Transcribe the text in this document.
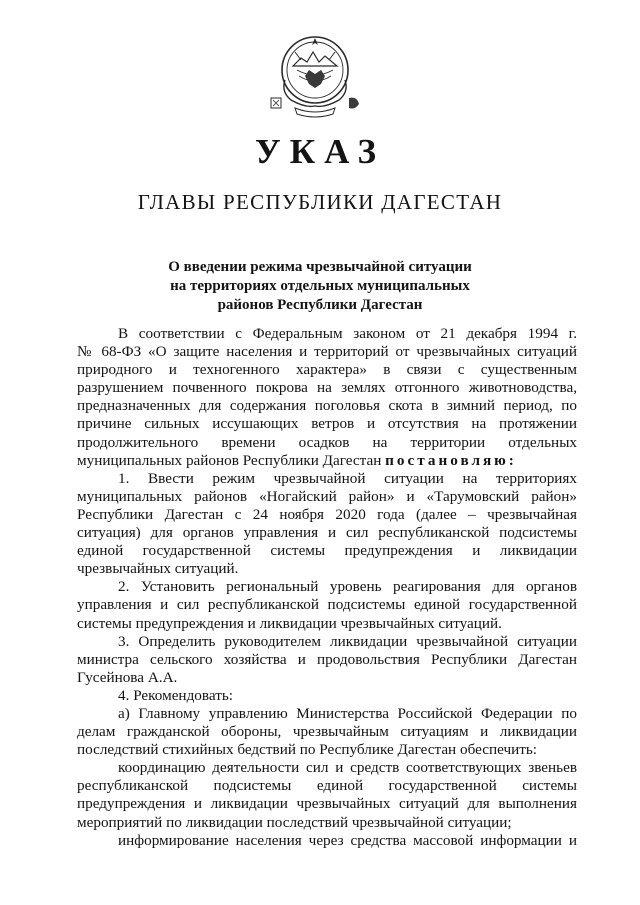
УКАЗ
ГЛАВЫ РЕСПУБЛИКИ ДАГЕСТАН
О введении режима чрезвычайной ситуации
на территориях отдельных муниципальных
районов Республики Дагестан
В соответствии с Федеральным законом от 21 декабря 1994 г.
№ 68-ФЗ «О защите населения и территорий от чрезвычайных ситуаций
природного и техногенного характера» в связи с существенным
разрушением почвенного покрова на землях отгонного животноводства,
предназначенных для содержания поголовья скота в зимний период, по
причине сильных иссушающих ветров и отсутствия на протяжении
продолжительного времени осадков на территории отдельных
муниципальных районов Республики Дагестан постановляю:
1. Ввести режим чрезвычайной ситуации на территориях
муниципальных районов «Ногайский район» и «Тарумовский район»
Республики Дагестан с 24 ноября 2020 года (далее – чрезвычайная
ситуация) для органов управления и сил республиканской подсистемы
единой государственной системы предупреждения и ликвидации
чрезвычайных ситуаций.
2. Установить региональный уровень реагирования для органов
управления и сил республиканской подсистемы единой государственной
системы предупреждения и ликвидации чрезвычайных ситуаций.
3. Определить руководителем ликвидации чрезвычайной ситуации
министра сельского хозяйства и продовольствия Республики Дагестан
Гусейнова А.А.
4. Рекомендовать:
а) Главному управлению Министерства Российской Федерации по
делам гражданской обороны, чрезвычайным ситуациям и ликвидации
последствий стихийных бедствий по Республике Дагестан обеспечить:
координацию деятельности сил и средств соответствующих звеньев
республиканской подсистемы единой государственной системы
предупреждения и ликвидации чрезвычайных ситуаций для выполнения
мероприятий по ликвидации последствий чрезвычайной ситуации;
информирование населения через средства массовой информации и
